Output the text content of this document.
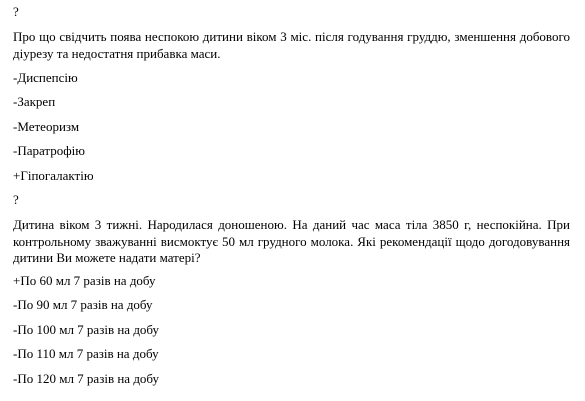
?
Про що свідчить поява неспокою дитини віком 3 міс. після годування груддю, зменшення добового діурезу та недостатня прибавка маси.
-Диспепсію
-Закреп
-Метеоризм
-Паратрофію
+Гіпогалактію
?
Дитина віком 3 тижні. Народилася доношеною. На даний час маса тіла 3850 г, неспокійна. При контрольному зважуванні висмоктує 50 мл грудного молока. Які рекомендації щодо догодовування дитини Ви можете надати матері?
+По 60 мл 7 разів на добу
-По 90 мл 7 разів на добу
-По 100 мл 7 разів на добу
-По 110 мл 7 разів на добу
-По 120 мл 7 разів на добу
